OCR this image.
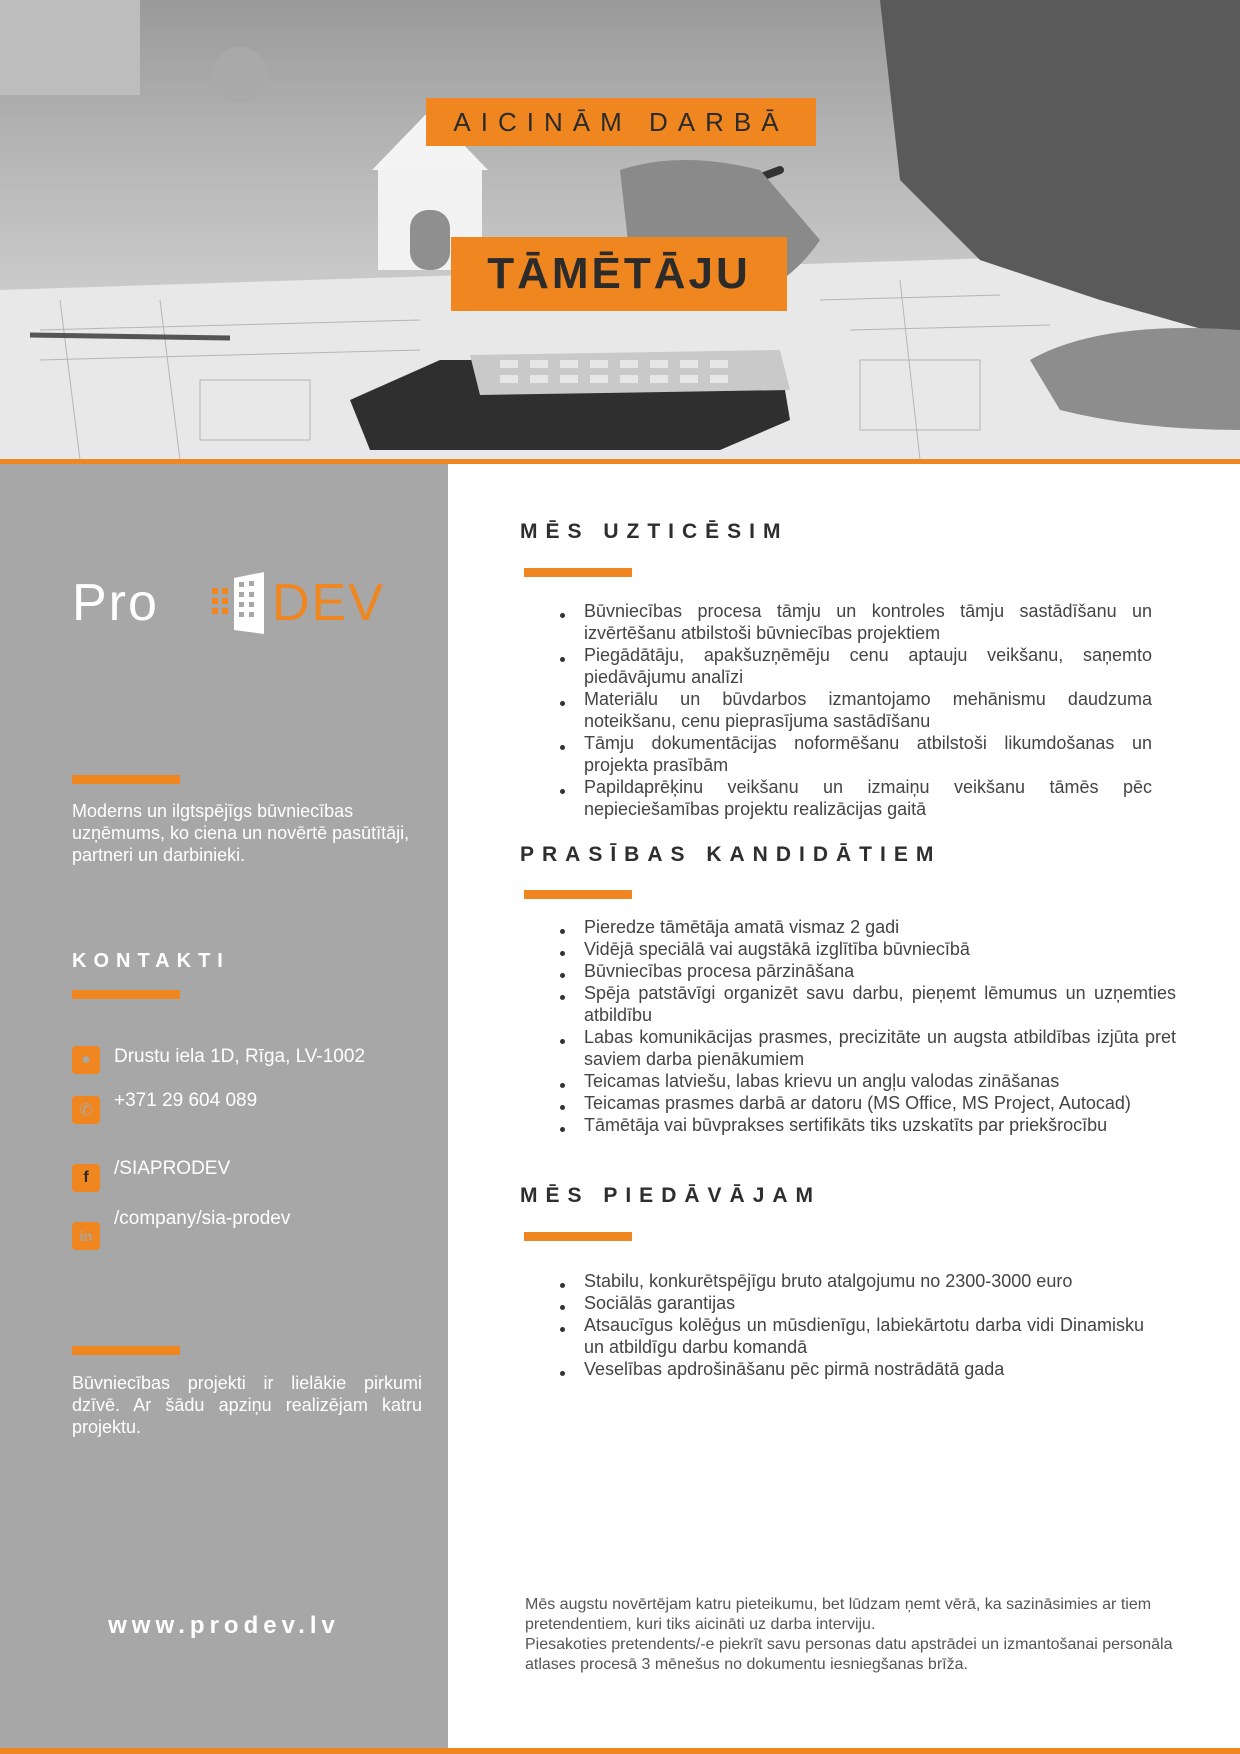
AICINĀM DARBĀ
TĀMĒTĀJU
Pro DEV
Moderns un ilgtspējīgs būvniecības uzņēmums, ko ciena un novērtē pasūtītāji, partneri un darbinieki.
KONTAKTI
●	Drustu iela 1D, Rīga, LV-1002
✆	+371 29 604 089
f	/SIAPRODEV
in
/company/sia-prodev
Būvniecības projekti ir lielākie pirkumi dzīvē. Ar šādu apziņu realizējam katru projektu.
www.prodev.lv
MĒS UZTICĒSIM
Būvniecības procesa tāmju un kontroles tāmju sastādīšanu un izvērtēšanu atbilstoši būvniecības projektiem
Piegādātāju, apakšuzņēmēju cenu aptauju veikšanu, saņemto piedāvājumu analīzi
Materiālu un būvdarbos izmantojamo mehānismu daudzuma noteikšanu, cenu pieprasījuma sastādīšanu
Tāmju dokumentācijas noformēšanu atbilstoši likumdošanas un projekta prasībām
Papildaprēķinu veikšanu un izmaiņu veikšanu tāmēs pēc nepieciešamības projektu realizācijas gaitā
PRASĪBAS KANDIDĀTIEM
Pieredze tāmētāja amatā vismaz 2 gadi
Vidējā speciālā vai augstākā izglītība būvniecībā
Būvniecības procesa pārzināšana
Spēja patstāvīgi organizēt savu darbu, pieņemt lēmumus un uzņemties atbildību
Labas komunikācijas prasmes, precizitāte un augsta atbildības izjūta pret saviem darba pienākumiem
Teicamas latviešu, labas krievu un angļu valodas zināšanas
Teicamas prasmes darbā ar datoru (MS Office, MS Project, Autocad)
Tāmētāja vai būvprakses sertifikāts tiks uzskatīts par priekšrocību
MĒS PIEDĀVĀJAM
Stabilu, konkurētspējīgu bruto atalgojumu no 2300-3000 euro
Sociālās garantijas
Atsaucīgus kolēģus un mūsdienīgu, labiekārtotu darba vidi Dinamisku un atbildīgu darbu komandā
Veselības apdrošināšanu pēc pirmā nostrādātā gada
Mēs augstu novērtējam katru pieteikumu, bet lūdzam ņemt vērā, ka sazināsimies ar tiem pretendentiem, kuri tiks aicināti uz darba interviju.
Piesakoties pretendents/-e piekrīt savu personas datu apstrādei un izmantošanai personāla atlases procesā 3 mēnešus no dokumentu iesniegšanas brīža.
